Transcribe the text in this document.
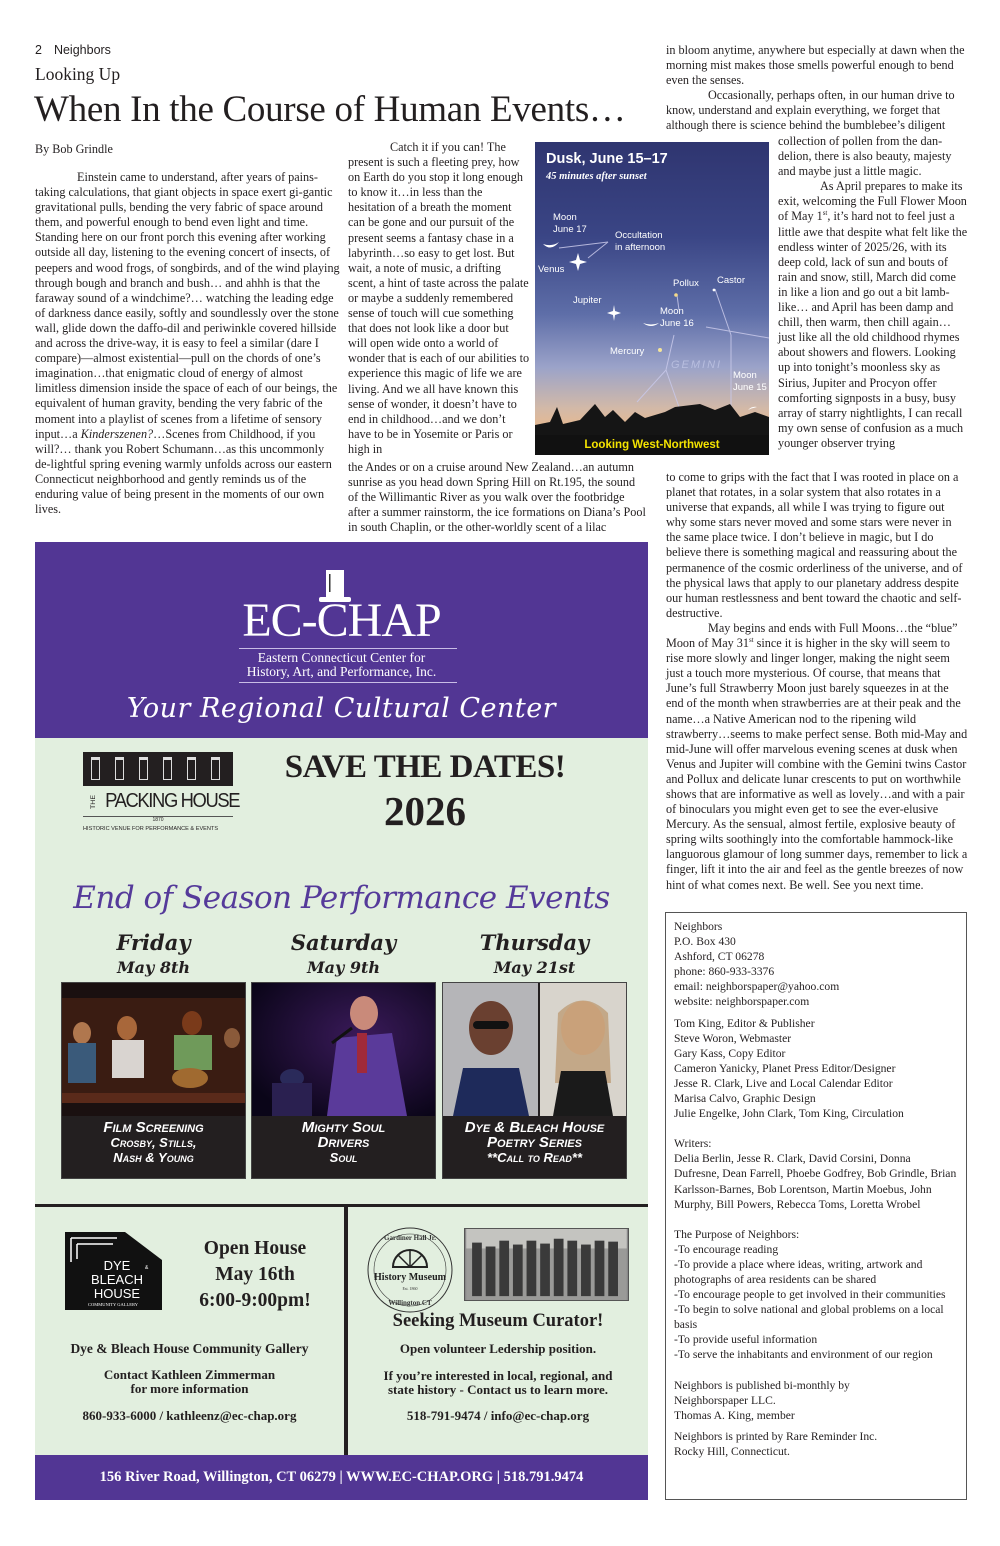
2 Neighbors
Looking Up
When In the Course of Human Events…
By Bob Grindle

Einstein came to understand, after years of pains-taking calculations, that giant objects in space exert gi-gantic gravitational pulls, bending the very fabric of space around them, and powerful enough to bend even light and time. Standing here on our front porch this evening after working outside all day, listening to the evening concert of insects, of peepers and wood frogs, of songbirds, and of the wind playing through bough and branch and bush… and ahhh is that the faraway sound of a windchime?… watching the leading edge of darkness dance easily, softly and soundlessly over the stone wall, glide down the daffo-dil and periwinkle covered hillside and across the drive-way, it is easy to feel a similar (dare I compare)—almost existential—pull on the chords of one’s imagination…that enigmatic cloud of energy of almost limitless dimension inside the space of each of our beings, the equivalent of human gravity, bending the very fabric of the moment into a playlist of scenes from a lifetime of sensory input…a Kinderszenen?…Scenes from Childhood, if you will?… thank you Robert Schumann…as this uncommonly de-lightful spring evening warmly unfolds across our eastern Connecticut neighborhood and gently reminds us of the enduring value of being present in the moments of our own lives.

Catch it if you can! The present is such a fleeting prey, how on Earth do you stop it long enough to know it…in less than the hesitation of a breath the moment can be gone and our pursuit of the present seems a fantasy chase in a labyrinth…so easy to get lost. But wait, a note of music, a drifting scent, a hint of taste across the palate or maybe a suddenly remembered sense of touch will cue something that does not look like a door but will open wide onto a world of wonder that is each of our abilities to experience this magic of life we are living. And we all have known this sense of wonder, it doesn’t have to end in childhood…and we don’t have to be in Yosemite or Paris or high in

the Andes or on a cruise around New Zealand…an autumn sunrise as you head down Spring Hill on Rt.195, the sound of the Willimantic River as you walk over the footbridge after a summer rainstorm, the ice formations on Diana’s Pool in south Chaplin, or the other-worldly scent of a lilac

Dusk, June 15–17
45 minutes after sunset
Moon
June 17
Occultation
in afternoon
Venus
Jupiter
Pollux Castor
Moon
June 16
Mercury
GEMINI
Moon
June 15
Looking West-Northwest

in bloom anytime, anywhere but especially at dawn when the morning mist makes those smells powerful enough to bend even the senses.

Occasionally, perhaps often, in our human drive to know, understand and explain everything, we forget that although there is science behind the bumblebee’s diligent

collection of pollen from the dan-delion, there is also beauty, majesty and maybe just a little magic.

As April prepares to make its exit, welcoming the Full Flower Moon of May 1st, it’s hard not to feel just a little awe that despite what felt like the endless winter of 2025/26, with its deep cold, lack of sun and bouts of rain and snow, still, March did come in like a lion and go out a bit lamb-like… and April has been damp and chill, then warm, then chill again…just like all the old childhood rhymes about showers and flowers. Looking up into tonight’s moonless sky as Sirius, Jupiter and Procyon offer comforting signposts in a busy, busy array of starry nightlights, I can recall my own sense of confusion as a much younger observer trying

to come to grips with the fact that I was rooted in place on a planet that rotates, in a solar system that also rotates in a universe that expands, all while I was trying to figure out why some stars never moved and some stars were never in the same place twice. I don’t believe in magic, but I do believe there is something magical and reassuring about the permanence of the cosmic orderliness of the universe, and of the physical laws that apply to our planetary address despite our human restlessness and bent toward the chaotic and self-destructive.

May begins and ends with Full Moons…the “blue” Moon of May 31st since it is higher in the sky will seem to rise more slowly and linger longer, making the night seem just a touch more mysterious. Of course, that means that June’s full Strawberry Moon just barely squeezes in at the end of the month when strawberries are at their peak and the name…a Native American nod to the ripening wild strawberry…seems to make perfect sense. Both mid-May and mid-June will offer marvelous evening scenes at dusk when Venus and Jupiter will combine with the Gemini twins Castor and Pollux and delicate lunar crescents to put on worthwhile shows that are informative as well as lovely…and with a pair of binoculars you might even get to see the ever-elusive Mercury. As the sensual, almost fertile, explosive beauty of spring wilts soothingly into the comfortable hammock-like languorous glamour of long summer days, remember to lick a finger, lift it into the air and feel as the gentle breezes of now hint of what comes next. Be well. See you next time.

EC-CHAP
Eastern Connecticut Center for
History, Art, and Performance, Inc.
Your Regional Cultural Center
THE PACKING HOUSE
1870
HISTORIC VENUE FOR PERFORMANCE & EVENTS
SAVE THE DATES!
2026
End of Season Performance Events
Friday
May 8th
Film Screening
Crosby, Stills,
Nash & Young
Saturday
May 9th
Mighty Soul
Drivers
Soul
Thursday
May 21st
Dye & Bleach House
Poetry Series
**Call to Read**
DYE	&
BLEACH
HOUSE
COMMUNITY GALLERY
Open House
May 16th
6:00-9:00pm!
Dye & Bleach House Community Gallery
Contact Kathleen Zimmerman
for more information
860-933-6000 / kathleenz@ec-chap.org
Gardiner Hall Jr.
History Museum
Est. 1860
Willington CT
Seeking Museum Curator!
Open volunteer Ledership position.
If you’re interested in local, regional, and
state history - Contact us to learn more.
518-791-9474 / info@ec-chap.org
156 River Road, Willington, CT 06279 | WWW.EC-CHAP.ORG | 518.791.9474

Neighbors

P.O. Box 430

Ashford, CT 06278

phone: 860-933-3376

email: neighborspaper@yahoo.com

website: neighborspaper.com

Tom King, Editor & Publisher

Steve Woron, Webmaster

Gary Kass, Copy Editor

Cameron Yanicky, Planet Press Editor/Designer

Jesse R. Clark, Live and Local Calendar Editor

Marisa Calvo, Graphic Design

Julie Engelke, John Clark, Tom King, Circulation

Writers:

Delia Berlin, Jesse R. Clark, David Corsini, Donna Dufresne, Dean Farrell, Phoebe Godfrey, Bob Grindle, Brian Karlsson-Barnes, Bob Lorentson, Martin Moebus, John Murphy, Bill Powers, Rebecca Toms, Loretta Wrobel

The Purpose of Neighbors:

-To encourage reading

-To provide a place where ideas, writing, artwork and photographs of area residents can be shared

-To encourage people to get involved in their communities

-To begin to solve national and global problems on a local basis

-To provide useful information

-To serve the inhabitants and environment of our region

Neighbors is published bi-monthly by

Neighborspaper LLC.

Thomas A. King, member

Neighbors is printed by Rare Reminder Inc.

Rocky Hill, Connecticut.
